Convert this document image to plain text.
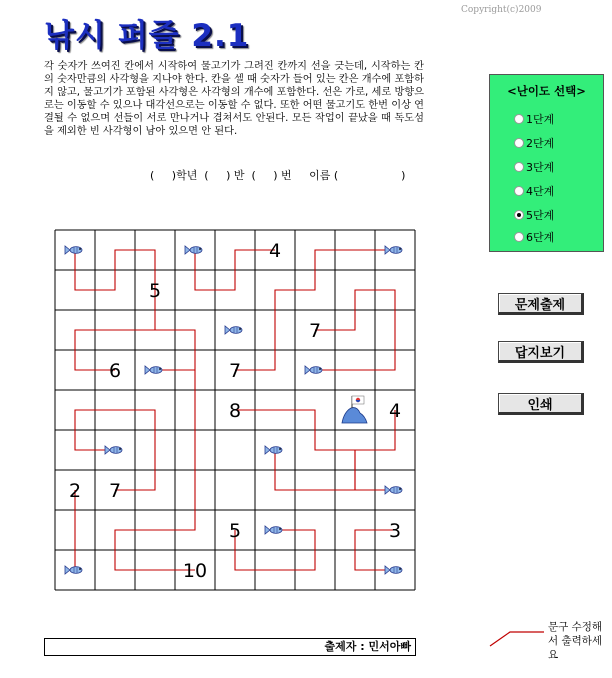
낚시 퍼즐 2.1
Copyright(c)2009
각 숫자가 쓰여진 칸에서 시작하여 물고기가 그려진 칸까지 선을 긋는데, 시작하는 칸의 숫자만큼의 사각형을 지나야 한다. 칸을 셀 때 숫자가 들어 있는 칸은 개수에 포함하지 않고, 물고기가 포함된 사각형은 사각형의 개수에 포함한다. 선은 가로, 세로 방향으로는 이동할 수 있으나 대각선으로는 이동할 수 없다. 또한 어떤 물고기도 한번 이상 연결될 수 없으며 선들이 서로 만나거나 겹쳐서도 안된다. 모든 작업이 끝났을 때 독도섬을 제외한 빈 사각형이 남아 있으면 안 된다.
(     )학년  (     ) 반  (     ) 번     이름 (                  )
<난이도 선택>
1단계
2단계
3단계
4단계
5단계
6단계
문제출제
답지보기
인쇄
4
5
7
6	7
8	4
2 7
5	3
10
출제자 : 민서아빠
문구 수정해서 출력하세요
